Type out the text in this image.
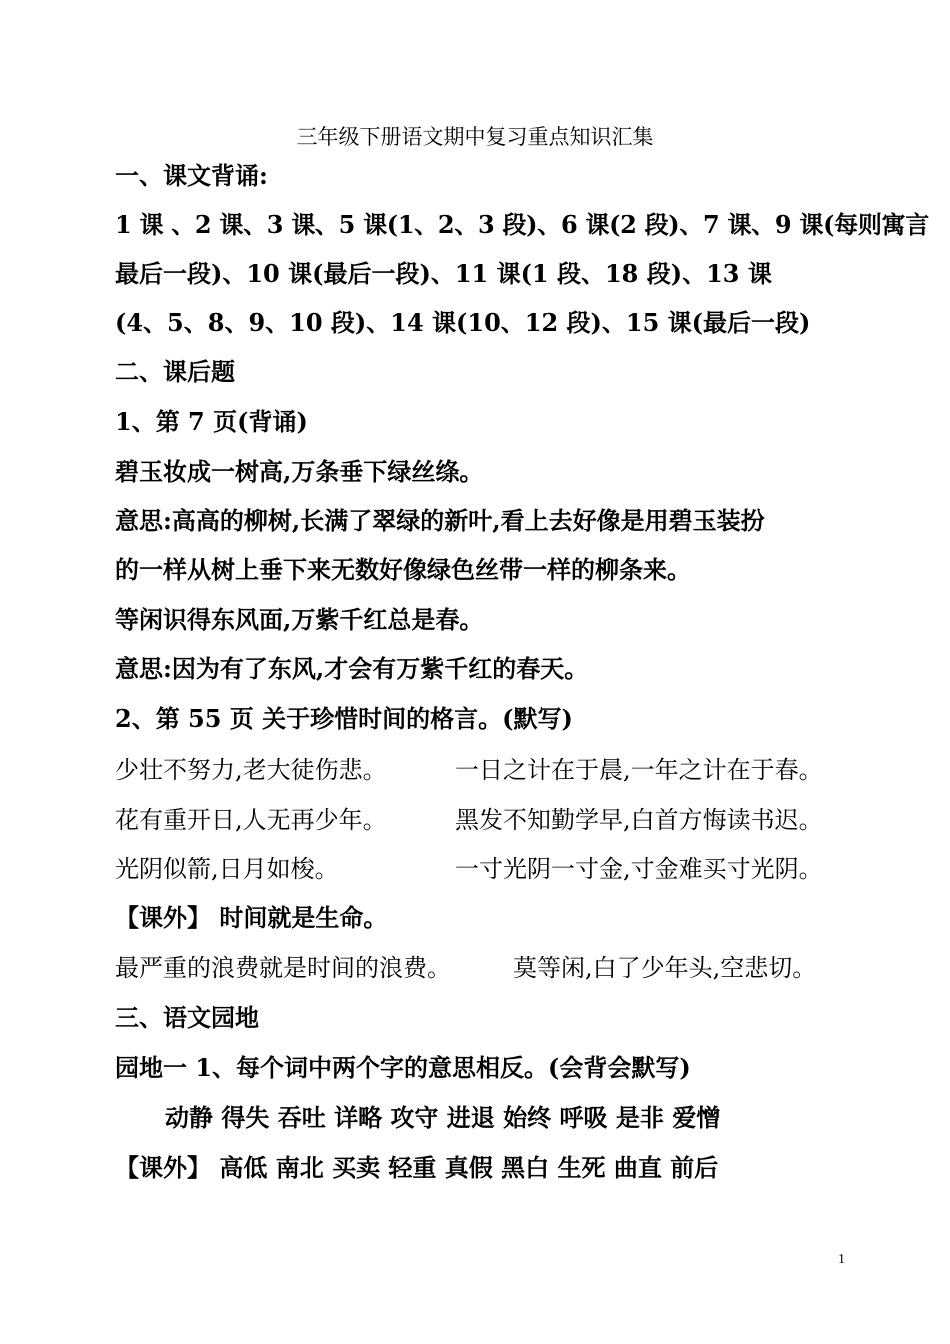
三年级下册语文期中复习重点知识汇集
一、课文背诵:
1 课 、2 课、3 课、5 课(1、2、3 段)、6 课(2 段)、7 课、9 课(每则寓言
最后一段)、10 课(最后一段)、11 课(1 段、18 段)、13 课
(4、5、8、9、10 段)、14 课(10、12 段)、15 课(最后一段)
二、课后题
1、第 7 页(背诵)
碧玉妆成一树高,万条垂下绿丝绦。
意思:高高的柳树,长满了翠绿的新叶,看上去好像是用碧玉装扮
的一样从树上垂下来无数好像绿色丝带一样的柳条来。
等闲识得东风面,万紫千红总是春。
意思:因为有了东风,才会有万紫千红的春天。
2、第 55 页 关于珍惜时间的格言。(默写)
少壮不努力,老大徒伤悲。	一日之计在于晨,一年之计在于春。
花有重开日,人无再少年。	黑发不知勤学早,白首方悔读书迟。
光阴似箭,日月如梭。	一寸光阴一寸金,寸金难买寸光阴。
【课外】 时间就是生命。
最严重的浪费就是时间的浪费。	莫等闲,白了少年头,空悲切。
三、语文园地
园地一 1、每个词中两个字的意思相反。(会背会默写)
动静 得失 吞吐 详略 攻守 进退 始终 呼吸 是非 爱憎
【课外】 高低 南北 买卖 轻重 真假 黑白 生死 曲直 前后
1
